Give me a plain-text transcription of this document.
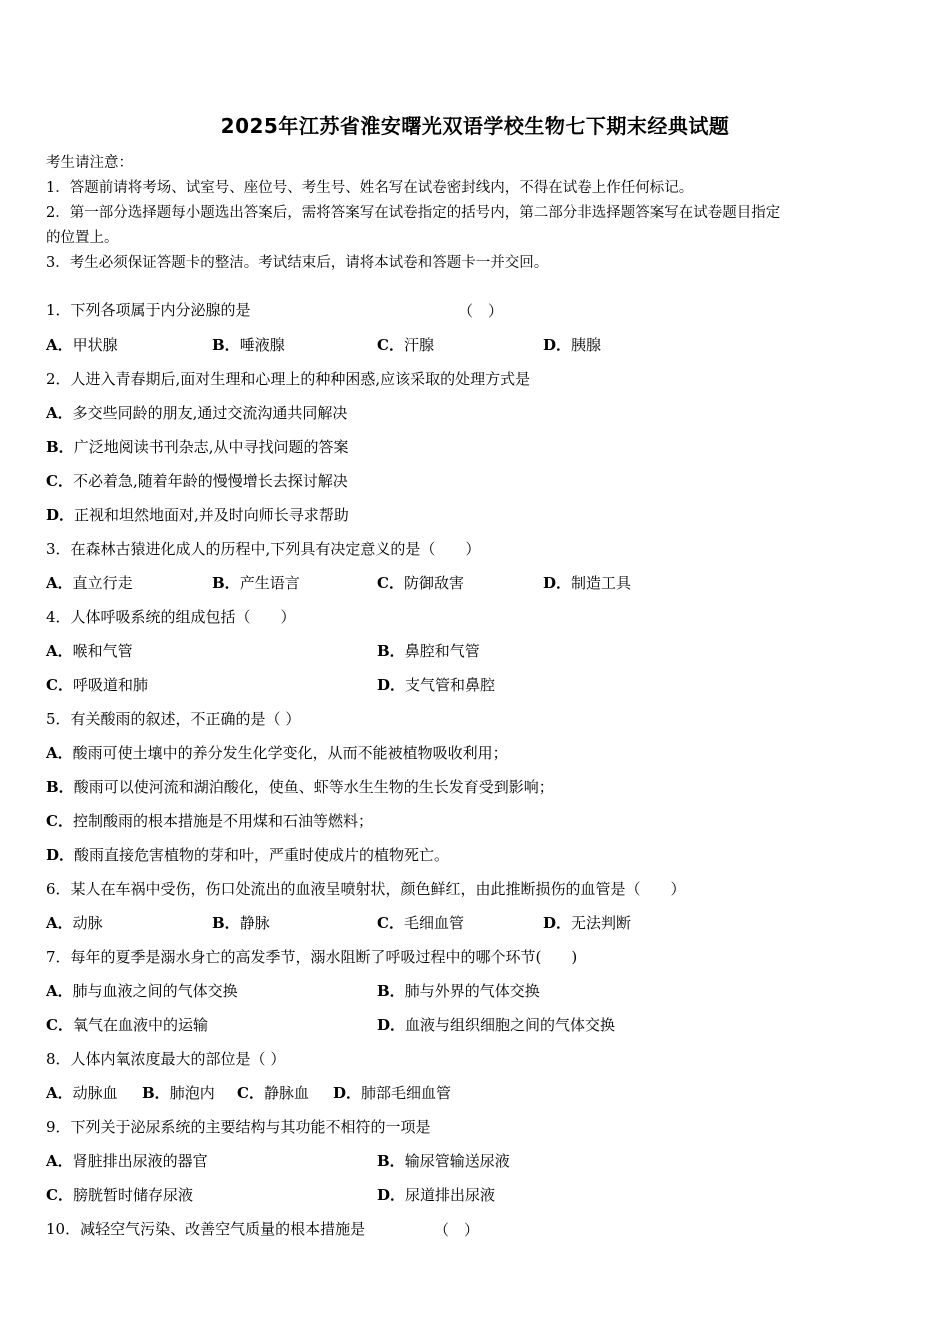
2025年江苏省淮安曙光双语学校生物七下期末经典试题
考生请注意：
1．答题前请将考场、试室号、座位号、考生号、姓名写在试卷密封线内，不得在试卷上作任何标记。
2．第一部分选择题每小题选出答案后，需将答案写在试卷指定的括号内，第二部分非选择题答案写在试卷题目指定
的位置上。
3．考生必须保证答题卡的整洁。考试结束后，请将本试卷和答题卡一并交回。
1．下列各项属于内分泌腺的是	（　）
A．甲状腺	B．唾液腺	C．汗腺	D．胰腺
2．人进入青春期后,面对生理和心理上的种种困惑,应该采取的处理方式是
A．多交些同龄的朋友,通过交流沟通共同解决
B．广泛地阅读书刊杂志,从中寻找问题的答案
C．不必着急,随着年龄的慢慢增长去探讨解决
D．正视和坦然地面对,并及时向师长寻求帮助
3．在森林古猿进化成人的历程中,下列具有决定意义的是（　　）
A．直立行走	B．产生语言	C．防御敌害	D．制造工具
4．人体呼吸系统的组成包括（　　）
A．喉和气管	B．鼻腔和气管
C．呼吸道和肺	D．支气管和鼻腔
5．有关酸雨的叙述，不正确的是（ ）
A．酸雨可使土壤中的养分发生化学变化，从而不能被植物吸收利用；
B．酸雨可以使河流和湖泊酸化，使鱼、虾等水生生物的生长发育受到影响；
C．控制酸雨的根本措施是不用煤和石油等燃料；
D．酸雨直接危害植物的芽和叶，严重时使成片的植物死亡。
6．某人在车祸中受伤，伤口处流出的血液呈喷射状，颜色鲜红，由此推断损伤的血管是（　　）
A．动脉	B．静脉	C．毛细血管	D．无法判断
7．每年的夏季是溺水身亡的高发季节，溺水阻断了呼吸过程中的哪个环节(　　)
A．肺与血液之间的气体交换	B．肺与外界的气体交换
C．氧气在血液中的运输	D．血液与组织细胞之间的气体交换
8．人体内氧浓度最大的部位是（ ）
A．动脉血 B．肺泡内 C．静脉血 D．肺部毛细血管
9．下列关于泌尿系统的主要结构与其功能不相符的一项是
A．肾脏排出尿液的器官	B．输尿管输送尿液
C．膀胱暂时储存尿液	D．尿道排出尿液
10．减轻空气污染、改善空气质量的根本措施是	（　）
